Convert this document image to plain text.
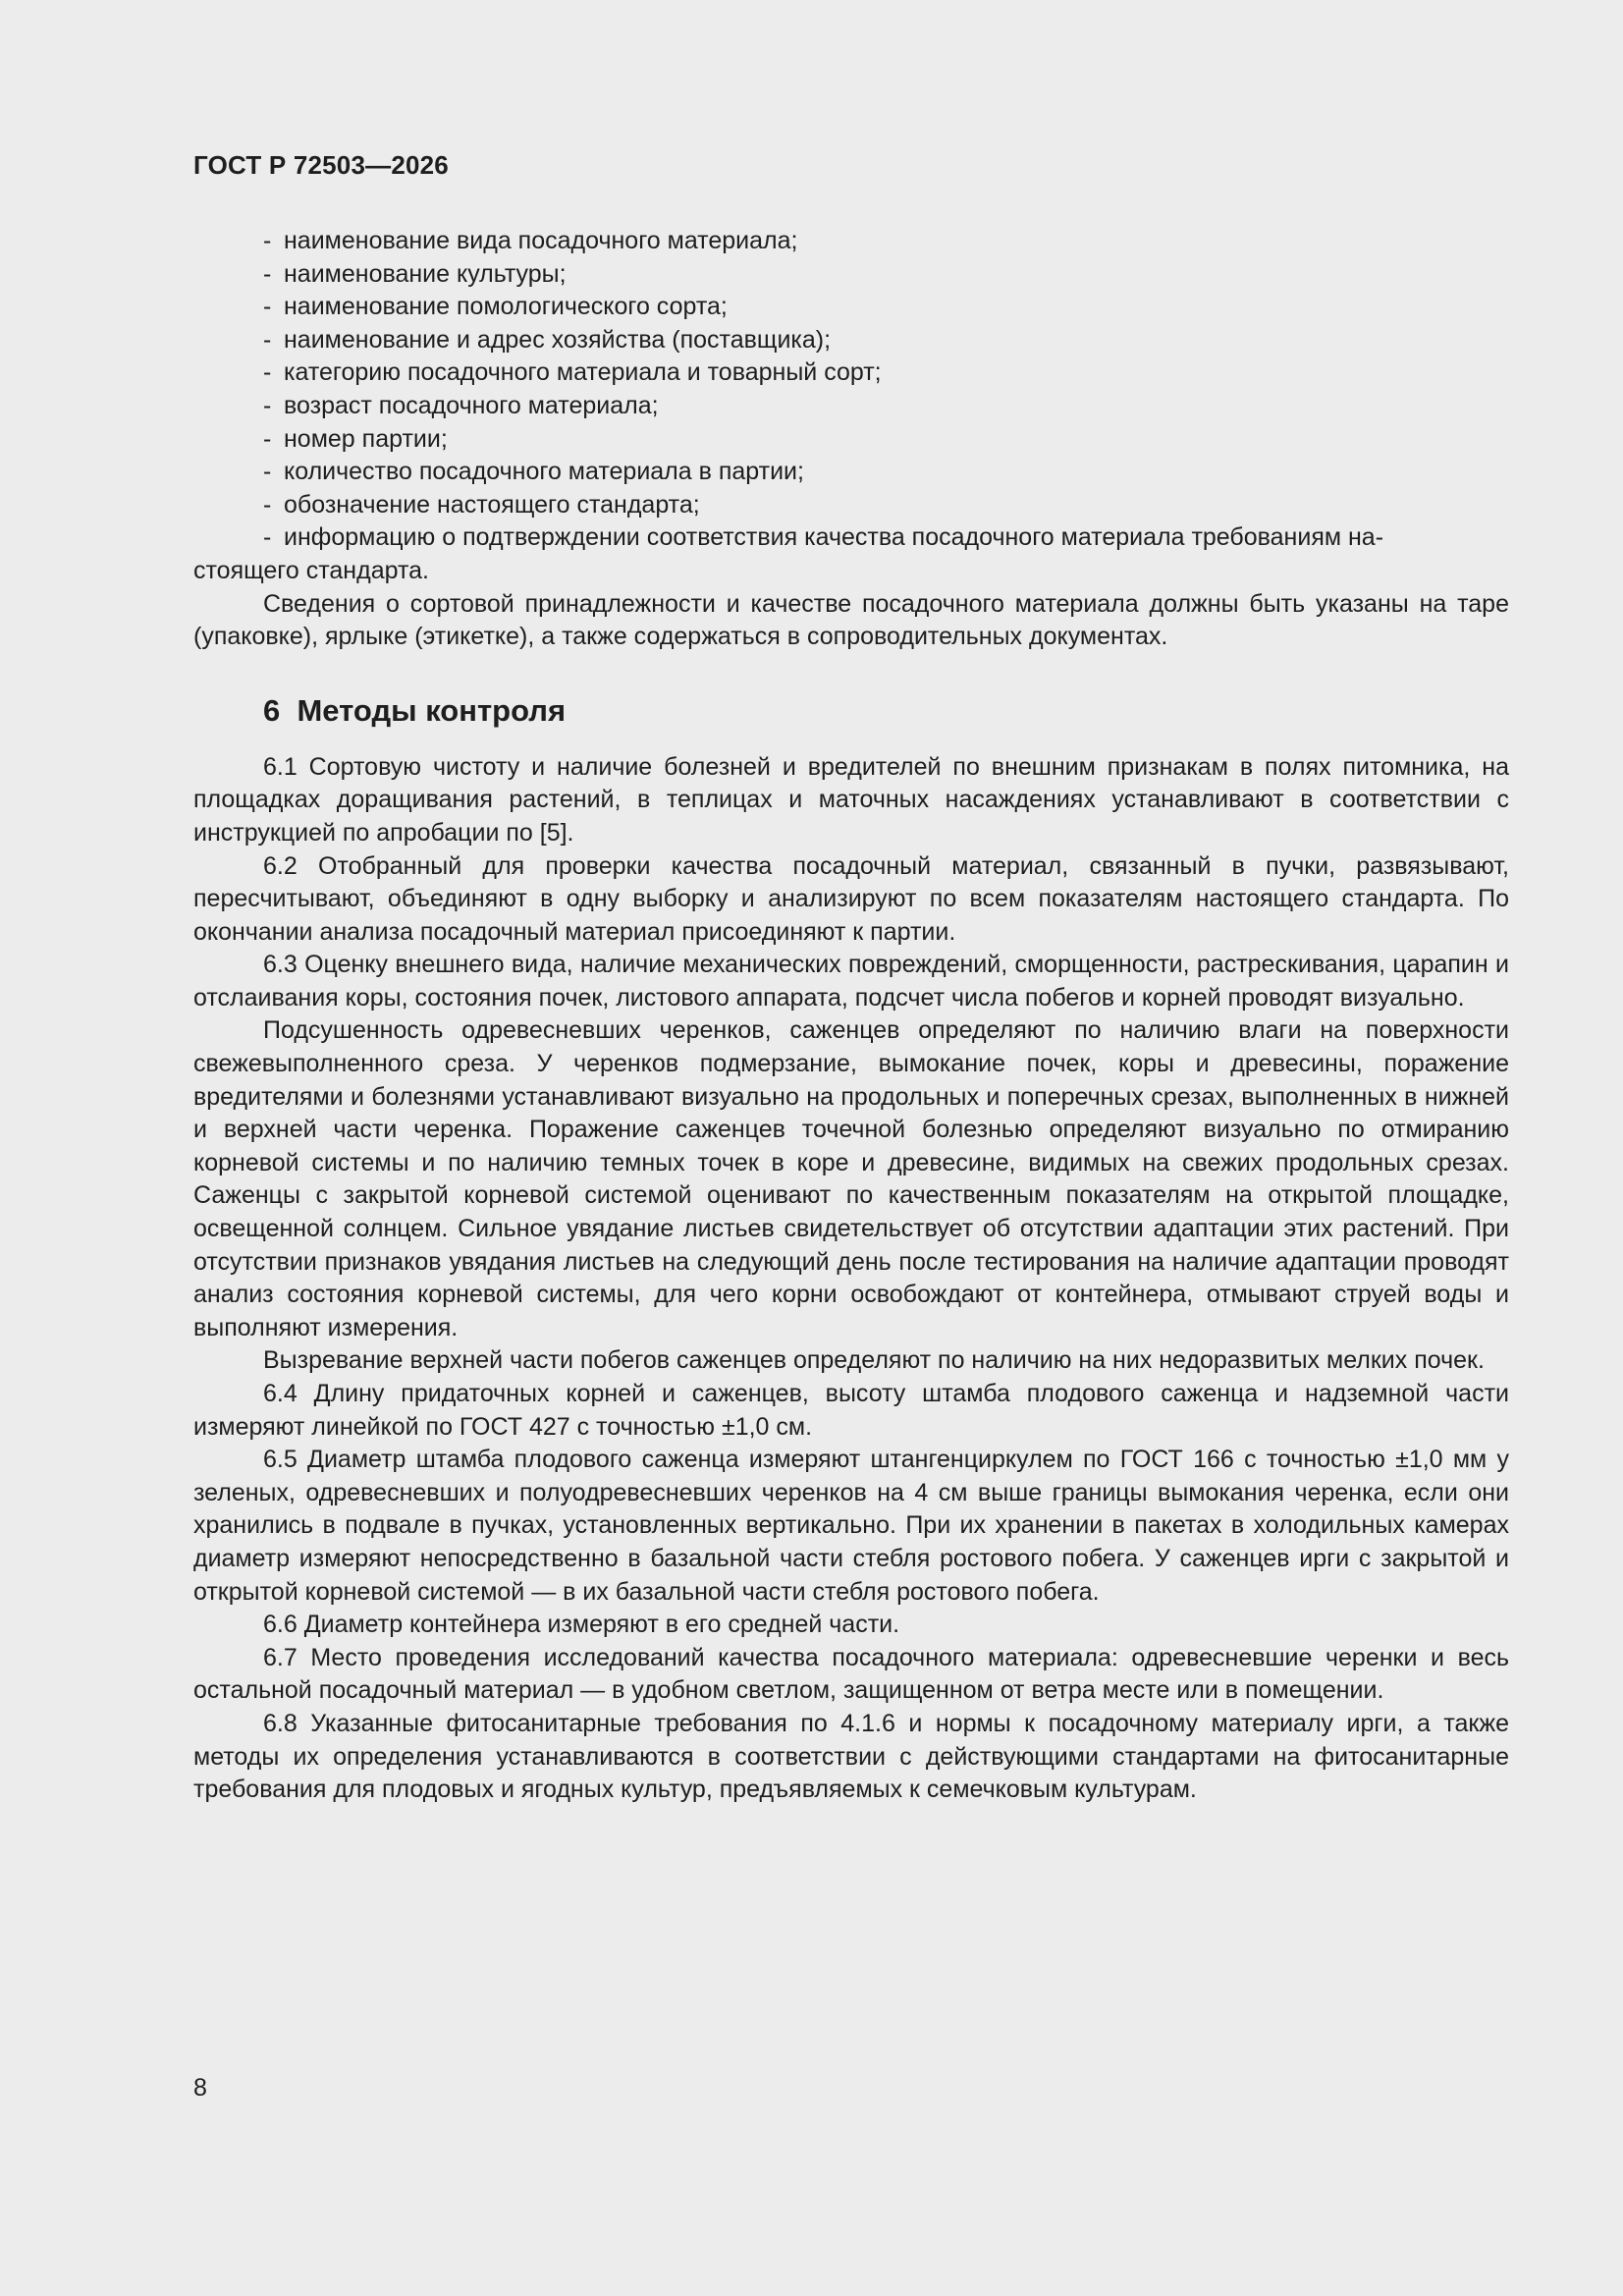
ГОСТ Р 72503—2026
- наименование вида посадочного материала;
- наименование культуры;
- наименование помологического сорта;
- наименование и адрес хозяйства (поставщика);
- категорию посадочного материала и товарный сорт;
- возраст посадочного материала;
- номер партии;
- количество посадочного материала в партии;
- обозначение настоящего стандарта;
- информацию о подтверждении соответствия качества посадочного материала требованиям на-
стоящего стандарта.
Сведения о сортовой принадлежности и качестве посадочного материала должны быть указаны на таре (упаковке), ярлыке (этикетке), а также содержаться в сопроводительных документах.
6 Методы контроля
6.1 Сортовую чистоту и наличие болезней и вредителей по внешним признакам в полях питомника, на площадках доращивания растений, в теплицах и маточных насаждениях устанавливают в соответствии с инструкцией по апробации по [5].
6.2 Отобранный для проверки качества посадочный материал, связанный в пучки, развязывают, пересчитывают, объединяют в одну выборку и анализируют по всем показателям настоящего стандарта. По окончании анализа посадочный материал присоединяют к партии.
6.3 Оценку внешнего вида, наличие механических повреждений, сморщенности, растрескивания, царапин и отслаивания коры, состояния почек, листового аппарата, подсчет числа побегов и корней проводят визуально.
Подсушенность одревесневших черенков, саженцев определяют по наличию влаги на поверхности свежевыполненного среза. У черенков подмерзание, вымокание почек, коры и древесины, поражение вредителями и болезнями устанавливают визуально на продольных и поперечных срезах, выполненных в нижней и верхней части черенка. Поражение саженцев точечной болезнью определяют визуально по отмиранию корневой системы и по наличию темных точек в коре и древесине, видимых на свежих продольных срезах. Саженцы с закрытой корневой системой оценивают по качественным показателям на открытой площадке, освещенной солнцем. Сильное увядание листьев свидетельствует об отсутствии адаптации этих растений. При отсутствии признаков увядания листьев на следующий день после тестирования на наличие адаптации проводят анализ состояния корневой системы, для чего корни освобождают от контейнера, отмывают струей воды и выполняют измерения.
Вызревание верхней части побегов саженцев определяют по наличию на них недоразвитых мелких почек.
6.4 Длину придаточных корней и саженцев, высоту штамба плодового саженца и надземной части измеряют линейкой по ГОСТ 427 с точностью ±1,0 см.
6.5 Диаметр штамба плодового саженца измеряют штангенциркулем по ГОСТ 166 с точностью ±1,0 мм у зеленых, одревесневших и полуодревесневших черенков на 4 см выше границы вымокания черенка, если они хранились в подвале в пучках, установленных вертикально. При их хранении в пакетах в холодильных камерах диаметр измеряют непосредственно в базальной части стебля ростового побега. У саженцев ирги с закрытой и открытой корневой системой — в их базальной части стебля ростового побега.
6.6 Диаметр контейнера измеряют в его средней части.
6.7 Место проведения исследований качества посадочного материала: одревесневшие черенки и весь остальной посадочный материал — в удобном светлом, защищенном от ветра месте или в помещении.
6.8 Указанные фитосанитарные требования по 4.1.6 и нормы к посадочному материалу ирги, а также методы их определения устанавливаются в соответствии с действующими стандартами на фитосанитарные требования для плодовых и ягодных культур, предъявляемых к семечковым культурам.
8
